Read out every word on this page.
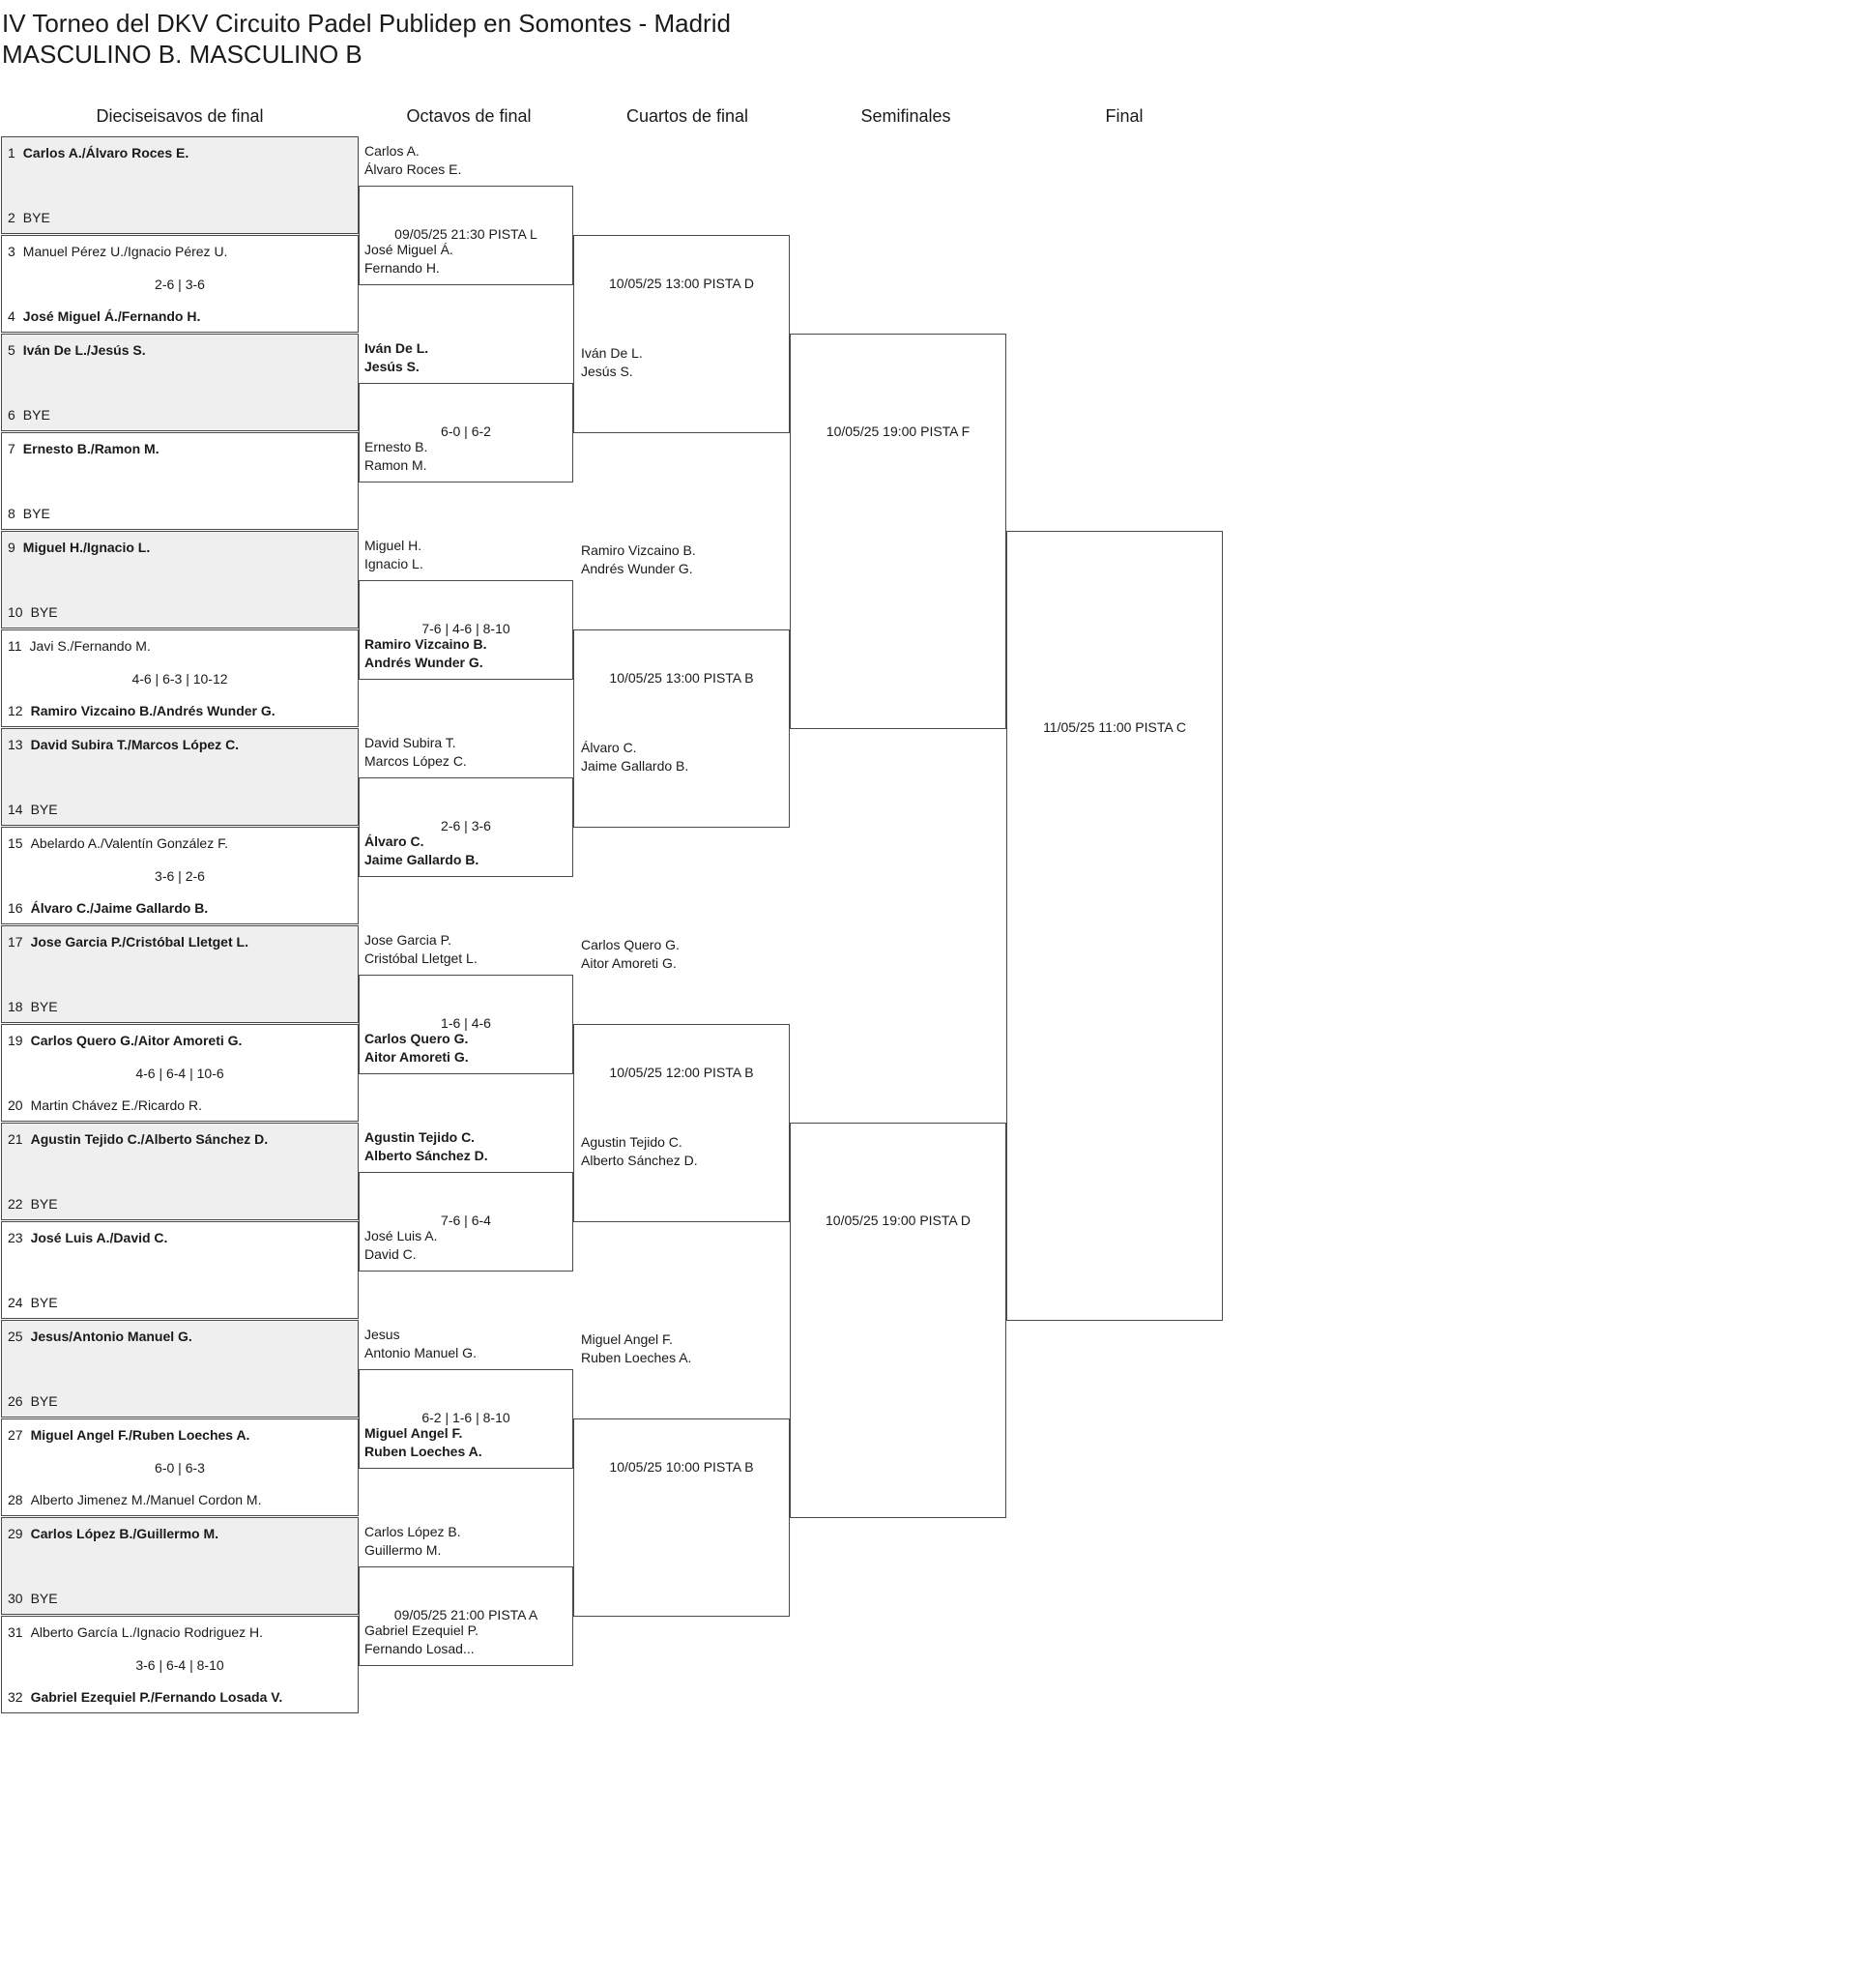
IV Torneo del DKV Circuito Padel Publidep en Somontes - Madrid
MASCULINO B. MASCULINO B
Dieciseisavos de final	Octavos de final	Cuartos de final	Semifinales	Final
1 Carlos A./Álvaro Roces E.
2 BYE
3 Manuel Pérez U./Ignacio Pérez U.
4 José Miguel Á./Fernando H.
2-6 | 3-6
5 Iván De L./Jesús S.
6 BYE
7 Ernesto B./Ramon M.
8 BYE
9 Miguel H./Ignacio L.
10 BYE
11 Javi S./Fernando M.
12 Ramiro Vizcaino B./Andrés Wunder G.
4-6 | 6-3 | 10-12
13 David Subira T./Marcos López C.
14 BYE
15 Abelardo A./Valentín González F.
16 Álvaro C./Jaime Gallardo B.
3-6 | 2-6
17 Jose Garcia P./Cristóbal Lletget L.
18 BYE
19 Carlos Quero G./Aitor Amoreti G.
20 Martin Chávez E./Ricardo R.
4-6 | 6-4 | 10-6
21 Agustin Tejido C./Alberto Sánchez D.
22 BYE
23 José Luis A./David C.
24 BYE
25 Jesus/Antonio Manuel G.
26 BYE
27 Miguel Angel F./Ruben Loeches A.
28 Alberto Jimenez M./Manuel Cordon M.
6-0 | 6-3
29 Carlos López B./Guillermo M.
30 BYE
31 Alberto García L./Ignacio Rodriguez H.
32 Gabriel Ezequiel P./Fernando Losada V.
3-6 | 6-4 | 8-10
Carlos A.
Álvaro Roces E.
José Miguel Á.
Fernando H.
09/05/25 21:30 PISTA L
Iván De L.
Jesús S.
Ernesto B.
Ramon M.
6-0 | 6-2
Miguel H.
Ignacio L.
Ramiro Vizcaino B.
Andrés Wunder G.
7-6 | 4-6 | 8-10
David Subira T.
Marcos López C.
Álvaro C.
Jaime Gallardo B.
2-6 | 3-6
Jose Garcia P.
Cristóbal Lletget L.
Carlos Quero G.
Aitor Amoreti G.
1-6 | 4-6
Agustin Tejido C.
Alberto Sánchez D.
José Luis A.
David C.
7-6 | 6-4
Jesus
Antonio Manuel G.
Miguel Angel F.
Ruben Loeches A.
6-2 | 1-6 | 8-10
Carlos López B.
Guillermo M.
Gabriel Ezequiel P.
Fernando Losad...
09/05/25 21:00 PISTA A

Iván De L.
Jesús S.
10/05/25 13:00 PISTA D
Ramiro Vizcaino B.
Andrés Wunder G.
Álvaro C.
Jaime Gallardo B.
10/05/25 13:00 PISTA B
Carlos Quero G.
Aitor Amoreti G.
Agustin Tejido C.
Alberto Sánchez D.
10/05/25 12:00 PISTA B
Miguel Angel F.
Ruben Loeches A.

10/05/25 10:00 PISTA B
10/05/25 19:00 PISTA F
10/05/25 19:00 PISTA D
11/05/25 11:00 PISTA C
